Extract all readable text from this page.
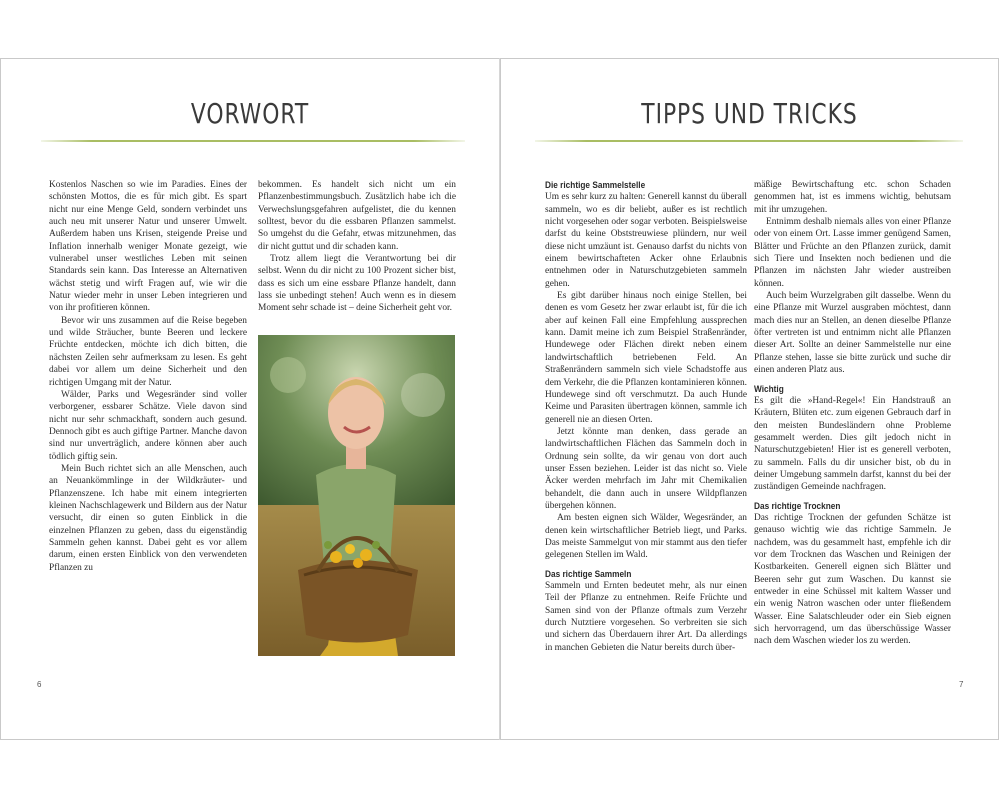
VORWORT

Kostenlos Naschen so wie im Paradies. Eines der schönsten Mottos, die es für mich gibt. Es spart nicht nur eine Menge Geld, sondern verbindet uns auch neu mit unserer Natur und unserer Umwelt. Außerdem haben uns Krisen, steigende Preise und Inflation innerhalb weniger Monate gezeigt, wie vulnerabel unser westliches Leben mit seinen Standards sein kann. Das Interesse an Alternativen wächst stetig und wirft Fragen auf, wie wir die Natur wieder mehr in unser Leben integrieren und von ihr profitieren können.

Bevor wir uns zusammen auf die Reise begeben und wilde Sträucher, bunte Beeren und leckere Früchte entdecken, möchte ich dich bitten, die nächsten Zeilen sehr aufmerksam zu lesen. Es geht dabei vor allem um deine Sicherheit und den richtigen Umgang mit der Natur.

Wälder, Parks und Wegesränder sind voller verborgener, essbarer Schätze. Viele davon sind nicht nur sehr schmackhaft, sondern auch gesund. Dennoch gibt es auch giftige Partner. Manche davon sind nur unverträglich, andere können aber auch tödlich giftig sein.

Mein Buch richtet sich an alle Menschen, auch an Neuankömmlinge in der Wildkräuter- und Pflanzenszene. Ich habe mit einem integrierten kleinen Nachschlagewerk und Bildern aus der Natur versucht, dir einen so guten Einblick in die einzelnen Pflanzen zu geben, dass du eigenständig Sammeln gehen kannst. Dabei geht es vor allem darum, einen ersten Einblick von den verwendeten Pflanzen zu

bekommen. Es handelt sich nicht um ein Pflanzenbestimmungsbuch. Zusätzlich habe ich die Verwechslungsgefahren aufgelistet, die du kennen solltest, bevor du die essbaren Pflanzen sammelst. So umgehst du die Gefahr, etwas mitzunehmen, das dir nicht guttut und dir schaden kann.

Trotz allem liegt die Verantwortung bei dir selbst. Wenn du dir nicht zu 100 Prozent sicher bist, dass es sich um eine essbare Pflanze handelt, dann lass sie unbedingt stehen! Auch wenn es in diesem Moment sehr schade ist – deine Sicherheit geht vor.

6
TIPPS UND TRICKS
Die richtige Sammelstelle

Um es sehr kurz zu halten: Generell kannst du überall sammeln, wo es dir beliebt, außer es ist rechtlich nicht vorgesehen oder sogar verboten. Beispielsweise darfst du keine Obststreuwiese plündern, nur weil diese nicht umzäunt ist. Genauso darfst du nichts von einem bewirtschafteten Acker ohne Erlaubnis entnehmen oder in Naturschutzgebieten sammeln gehen.

Es gibt darüber hinaus noch einige Stellen, bei denen es vom Gesetz her zwar erlaubt ist, für die ich aber auf keinen Fall eine Empfehlung aussprechen kann. Damit meine ich zum Beispiel Straßenränder, Hundewege oder Flächen direkt neben einem landwirtschaftlich betriebenen Feld. An Straßenrändern sammeln sich viele Schadstoffe aus dem Verkehr, die die Pflanzen kontaminieren können. Hundewege sind oft verschmutzt. Da auch Hunde Keime und Parasiten übertragen können, sammle ich generell nie an diesen Orten.

Jetzt könnte man denken, dass gerade an landwirtschaftlichen Flächen das Sammeln doch in Ordnung sein sollte, da wir genau von dort auch unser Essen beziehen. Leider ist das nicht so. Viele Äcker werden mehrfach im Jahr mit Chemikalien behandelt, die dann auch in unsere Wildpflanzen übergehen können.

Am besten eignen sich Wälder, Wegesränder, an denen kein wirtschaftlicher Betrieb liegt, und Parks. Das meiste Sammelgut von mir stammt aus den tiefer gelegenen Stellen im Wald.

Das richtige Sammeln

Sammeln und Ernten bedeutet mehr, als nur einen Teil der Pflanze zu entnehmen. Reife Früchte und Samen sind von der Pflanze oftmals zum Verzehr durch Nutztiere vorgesehen. So verbreiten sie sich und sichern das Überdauern ihrer Art. Da allerdings in manchen Gebieten die Natur bereits durch über-

mäßige Bewirtschaftung etc. schon Schaden genommen hat, ist es immens wichtig, behutsam mit ihr umzugehen.

Entnimm deshalb niemals alles von einer Pflanze oder von einem Ort. Lasse immer genügend Samen, Blätter und Früchte an den Pflanzen zurück, damit sich Tiere und Insekten noch bedienen und die Pflanzen im nächsten Jahr wieder austreiben können.

Auch beim Wurzelgraben gilt dasselbe. Wenn du eine Pflanze mit Wurzel ausgraben möchtest, dann mach dies nur an Stellen, an denen dieselbe Pflanze öfter vertreten ist und entnimm nicht alle Pflanzen dieser Art. Sollte an deiner Sammelstelle nur eine Pflanze stehen, lasse sie bitte zurück und suche dir einen anderen Platz aus.

Wichtig

Es gilt die »Hand-Regel«! Ein Handstrauß an Kräutern, Blüten etc. zum eigenen Gebrauch darf in den meisten Bundesländern ohne Probleme gesammelt werden. Dies gilt jedoch nicht in Naturschutzgebieten! Hier ist es generell verboten, zu sammeln. Falls du dir unsicher bist, ob du in deiner Umgebung sammeln darfst, kannst du bei der zuständigen Gemeinde nachfragen.

Das richtige Trocknen

Das richtige Trocknen der gefunden Schätze ist genauso wichtig wie das richtige Sammeln. Je nachdem, was du gesammelt hast, empfehle ich dir vor dem Trocknen das Waschen und Reinigen der Kostbarkeiten. Generell eignen sich Blätter und Beeren sehr gut zum Waschen. Du kannst sie entweder in eine Schüssel mit kaltem Wasser und ein wenig Natron waschen oder unter fließendem Wasser. Eine Salatschleuder oder ein Sieb eignen sich hervorragend, um das überschüssige Wasser nach dem Waschen wieder los zu werden.

7
